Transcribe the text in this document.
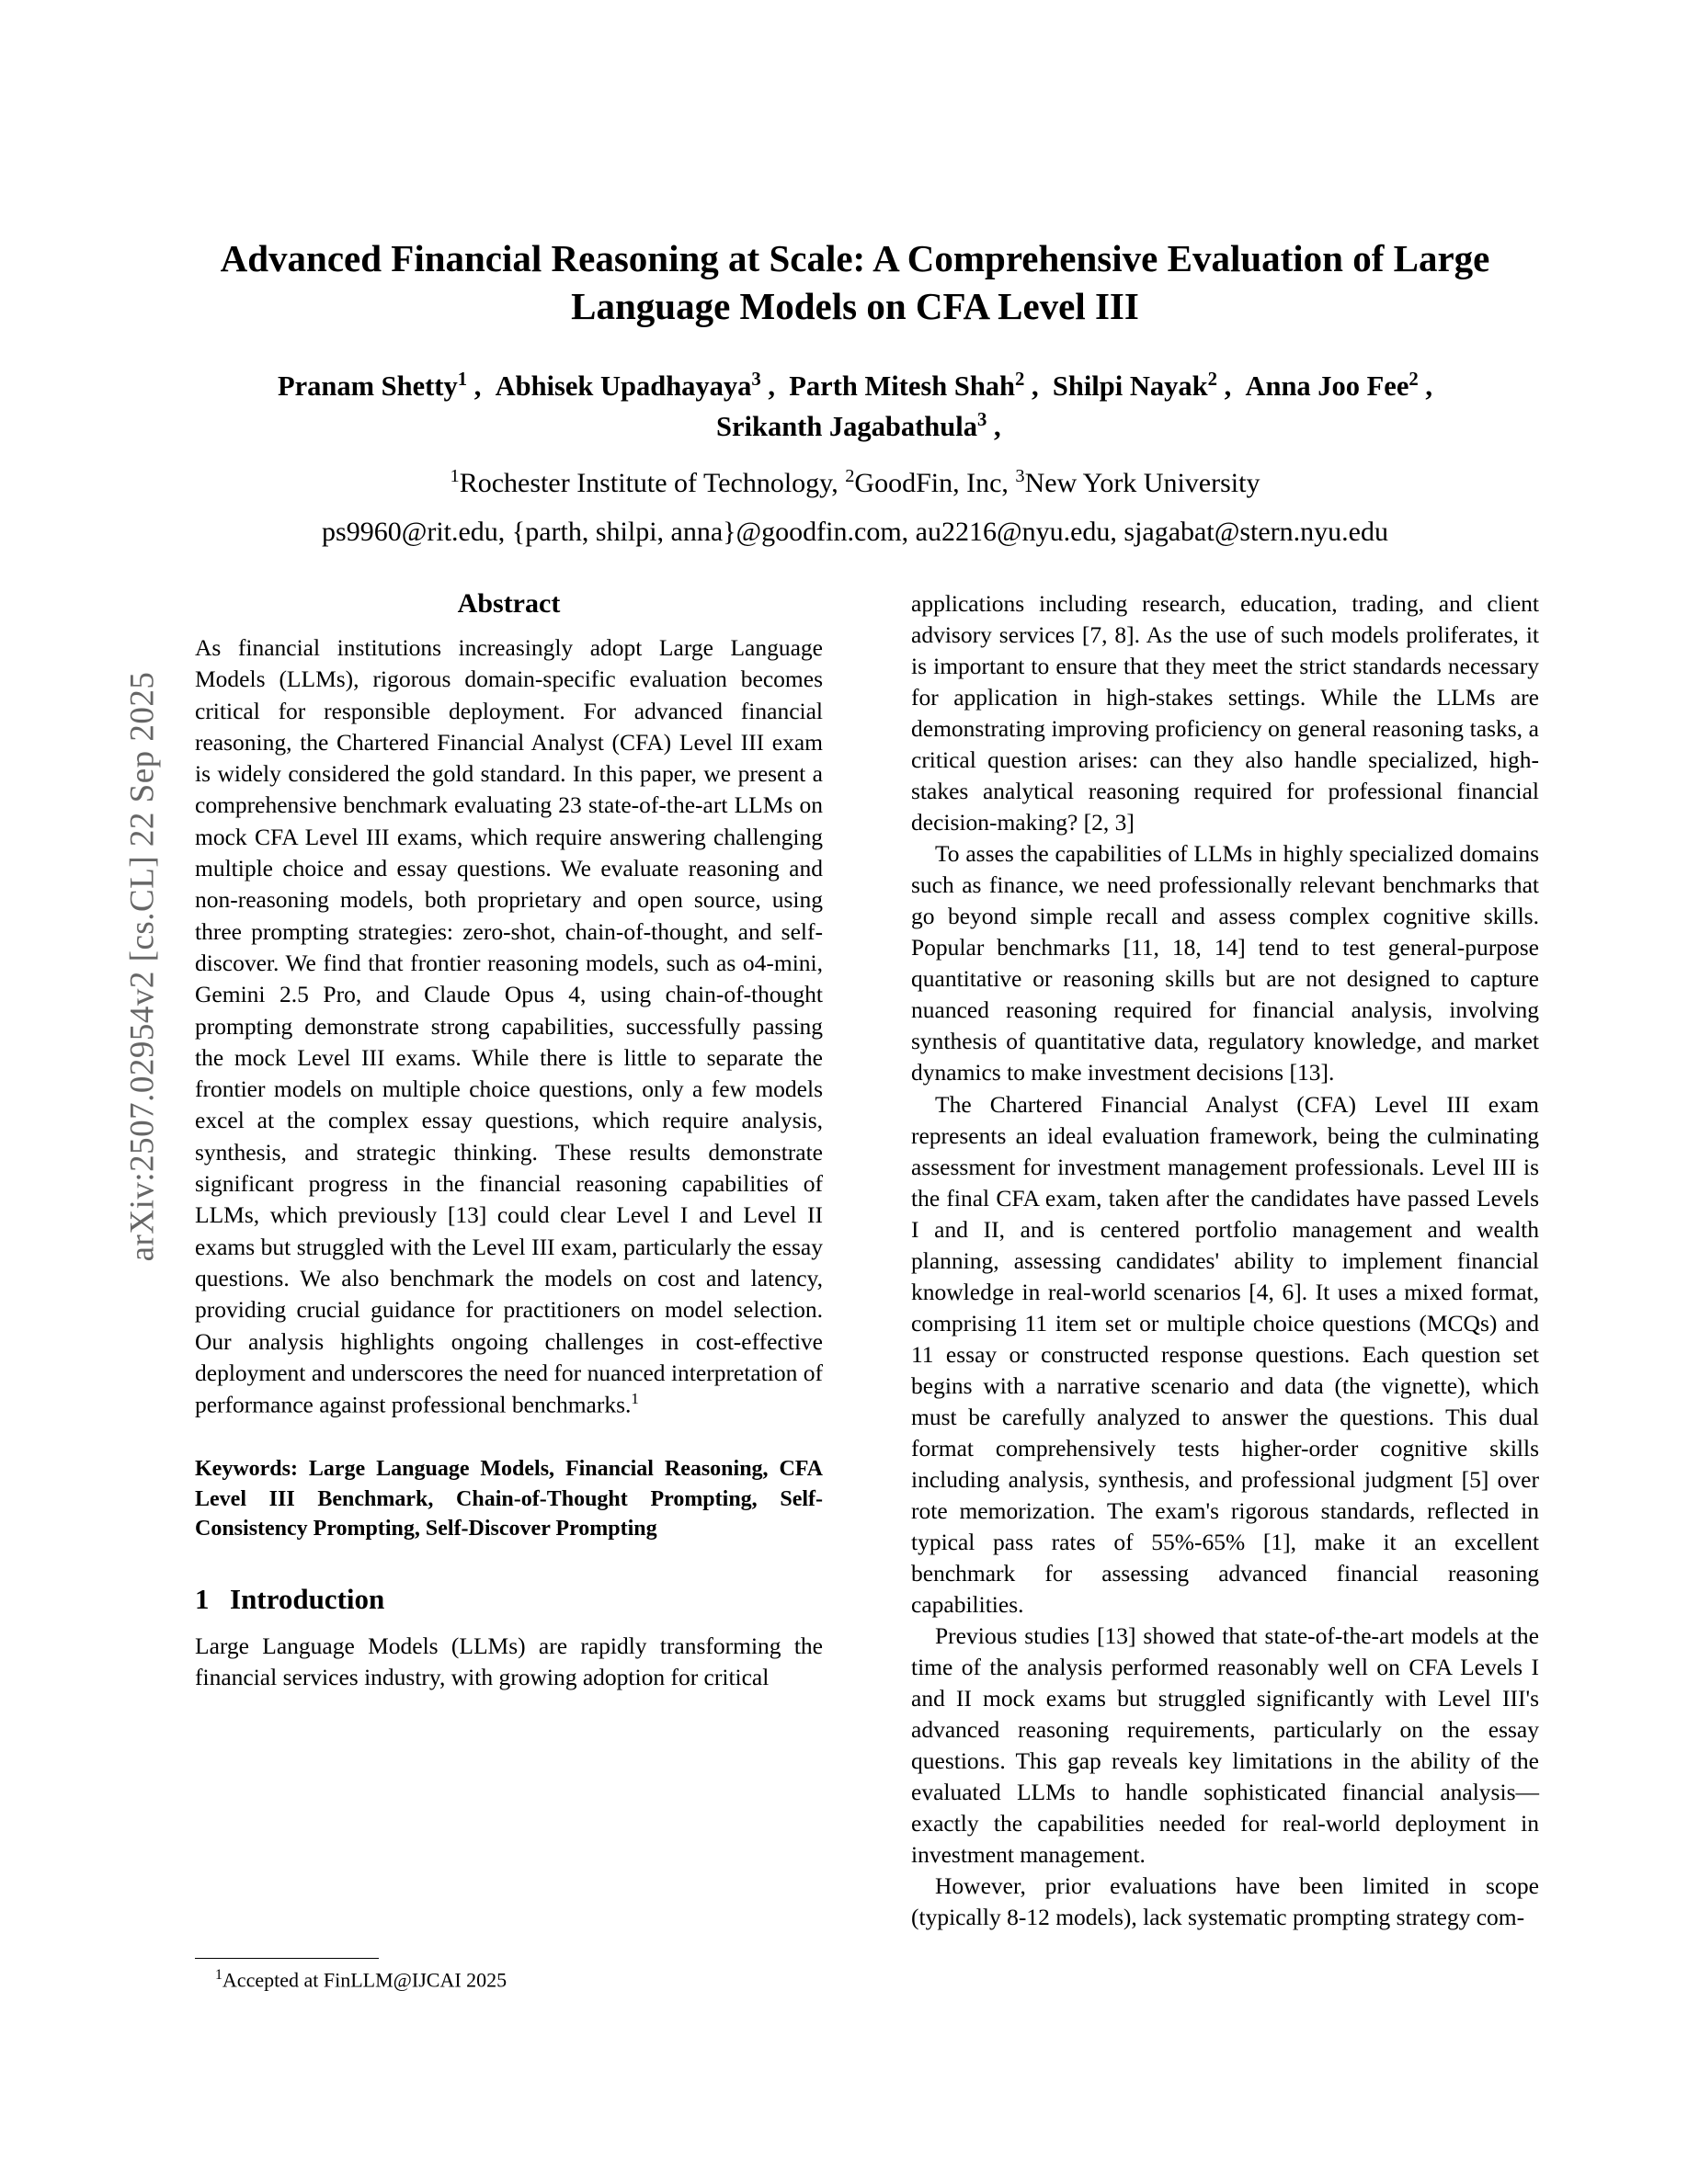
arXiv:2507.02954v2 [cs.CL] 22 Sep 2025
Advanced Financial Reasoning at Scale: A Comprehensive Evaluation of Large Language Models on CFA Level III
Pranam Shetty$^1$ ,  Abhisek Upadhayaya$^3$ ,  Parth Mitesh Shah$^2$ ,  Shilpi Nayak$^2$ ,  Anna Joo Fee$^2$ ,  Srikanth Jagabathula$^3$ ,
$^1$Rochester Institute of Technology, $^2$GoodFin, Inc, $^3$New York University
ps9960@rit.edu, {parth, shilpi, anna}@goodfin.com, au2216@nyu.edu, sjagabat@stern.nyu.edu
Abstract

As financial institutions increasingly adopt Large Language Models (LLMs), rigorous domain-specific evaluation becomes critical for responsible deployment. For advanced financial reasoning, the Chartered Financial Analyst (CFA) Level III exam is widely considered the gold standard. In this paper, we present a comprehensive benchmark evaluating 23 state-of-the-art LLMs on mock CFA Level III exams, which require answering challenging multiple choice and essay questions. We evaluate reasoning and non-reasoning models, both proprietary and open source, using three prompting strategies: zero-shot, chain-of-thought, and self-discover. We find that frontier reasoning models, such as o4-mini, Gemini 2.5 Pro, and Claude Opus 4, using chain-of-thought prompting demonstrate strong capabilities, successfully passing the mock Level III exams. While there is little to separate the frontier models on multiple choice questions, only a few models excel at the complex essay questions, which require analysis, synthesis, and strategic thinking. These results demonstrate significant progress in the financial reasoning capabilities of LLMs, which previously [13] could clear Level I and Level II exams but struggled with the Level III exam, particularly the essay questions. We also benchmark the models on cost and latency, providing crucial guidance for practitioners on model selection. Our analysis highlights ongoing challenges in cost-effective deployment and underscores the need for nuanced interpretation of performance against professional benchmarks.$^1$

Keywords: Large Language Models, Financial Reasoning, CFA Level III Benchmark, Chain-of-Thought Prompting, Self-Consistency Prompting, Self-Discover Prompting

1 Introduction

Large Language Models (LLMs) are rapidly transforming the financial services industry, with growing adoption for critical

$^1$Accepted at FinLLM@IJCAI 2025

applications including research, education, trading, and client advisory services [7, 8]. As the use of such models proliferates, it is important to ensure that they meet the strict standards necessary for application in high-stakes settings. While the LLMs are demonstrating improving proficiency on general reasoning tasks, a critical question arises: can they also handle specialized, high-stakes analytical reasoning required for professional financial decision-making? [2, 3]

To asses the capabilities of LLMs in highly specialized domains such as finance, we need professionally relevant benchmarks that go beyond simple recall and assess complex cognitive skills. Popular benchmarks [11, 18, 14] tend to test general-purpose quantitative or reasoning skills but are not designed to capture nuanced reasoning required for financial analysis, involving synthesis of quantitative data, regulatory knowledge, and market dynamics to make investment decisions [13].

The Chartered Financial Analyst (CFA) Level III exam represents an ideal evaluation framework, being the culminating assessment for investment management professionals. Level III is the final CFA exam, taken after the candidates have passed Levels I and II, and is centered portfolio management and wealth planning, assessing candidates' ability to implement financial knowledge in real-world scenarios [4, 6]. It uses a mixed format, comprising 11 item set or multiple choice questions (MCQs) and 11 essay or constructed response questions. Each question set begins with a narrative scenario and data (the vignette), which must be carefully analyzed to answer the questions. This dual format comprehensively tests higher-order cognitive skills including analysis, synthesis, and professional judgment [5] over rote memorization. The exam's rigorous standards, reflected in typical pass rates of 55%-65% [1], make it an excellent benchmark for assessing advanced financial reasoning capabilities.

Previous studies [13] showed that state-of-the-art models at the time of the analysis performed reasonably well on CFA Levels I and II mock exams but struggled significantly with Level III's advanced reasoning requirements, particularly on the essay questions. This gap reveals key limitations in the ability of the evaluated LLMs to handle sophisticated financial analysis—exactly the capabilities needed for real-world deployment in investment management.

However, prior evaluations have been limited in scope (typically 8-12 models), lack systematic prompting strategy com-
